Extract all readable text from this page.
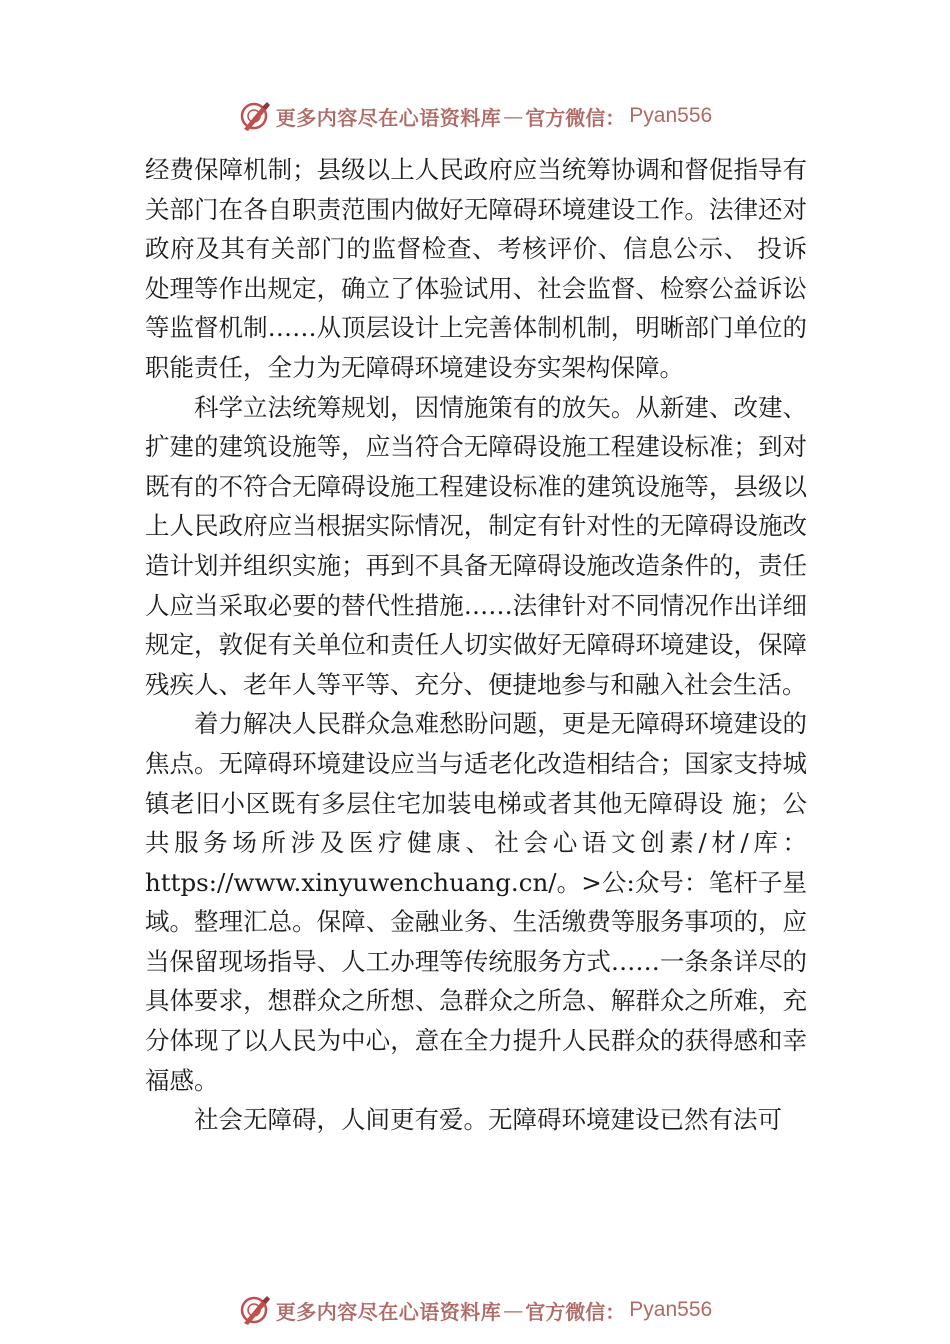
更多内容尽在心语资料库 — 官方微信： Pyan556

经费保障机制；县级以上人民政府应当统筹协调和督促指导有关部门在各自职责范围内做好无障碍环境建设工作。法律还对政府及其有关部门的监督检查、考核评价、信息公示、 投诉处理等作出规定，确立了体验试用、社会监督、检察公益诉讼等监督机制……从顶层设计上完善体制机制，明晰部门单位的职能责任，全力为无障碍环境建设夯实架构保障。

科学立法统筹规划，因情施策有的放矢。从新建、改建、扩建的建筑设施等，应当符合无障碍设施工程建设标准；到对既有的不符合无障碍设施工程建设标准的建筑设施等，县级以上人民政府应当根据实际情况，制定有针对性的无障碍设施改造计划并组织实施；再到不具备无障碍设施改造条件的，责任人应当采取必要的替代性措施……法律针对不同情况作出详细规定，敦促有关单位和责任人切实做好无障碍环境建设，保障残疾人、老年人等平等、充分、便捷地参与和融入社会生活。

着力解决人民群众急难愁盼问题，更是无障碍环境建设的焦点。无障碍环境建设应当与适老化改造相结合；国家支持城镇老旧小区既有多层住宅加装电梯或者其他无障碍设 施；公共服务场所涉及医疗健康、社会心语文创素/材/库：https://www.xinyuwenchuang.cn/。>公:众号：笔杆子星域。整理汇总。保障、金融业务、生活缴费等服务事项的，应当保留现场指导、人工办理等传统服务方式……一条条详尽的具体要求，想群众之所想、急群众之所急、解群众之所难，充分体现了以人民为中心，意在全力提升人民群众的获得感和幸福感。

社会无障碍，人间更有爱。无障碍环境建设已然有法可

更多内容尽在心语资料库 — 官方微信： Pyan556
